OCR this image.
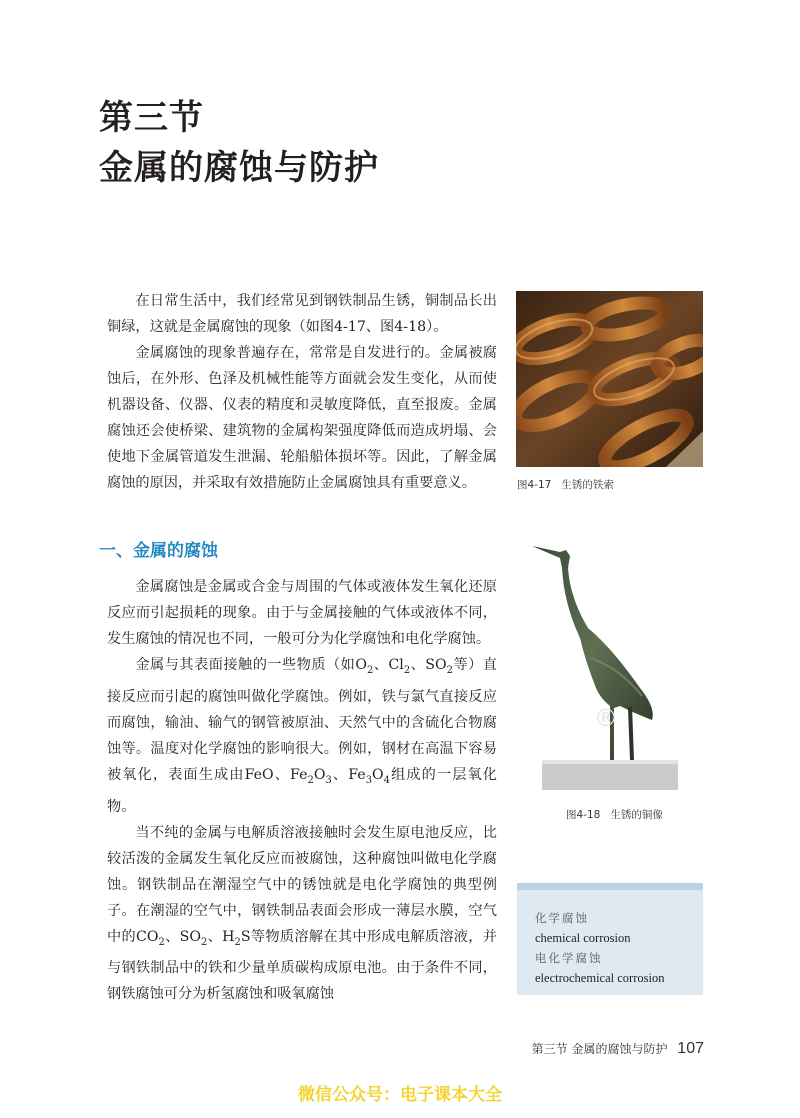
第三节
金属的腐蚀与防护

在日常生活中，我们经常见到钢铁制品生锈，铜制品长出铜绿，这就是金属腐蚀的现象（如图4-17、图4-18）。

金属腐蚀的现象普遍存在，常常是自发进行的。金属被腐蚀后，在外形、色泽及机械性能等方面就会发生变化，从而使机器设备、仪器、仪表的精度和灵敏度降低，直至报废。金属腐蚀还会使桥梁、建筑物的金属构架强度降低而造成坍塌、会使地下金属管道发生泄漏、轮船船体损坏等。因此，了解金属腐蚀的原因，并采取有效措施防止金属腐蚀具有重要意义。

一、金属的腐蚀

金属腐蚀是金属或合金与周围的气体或液体发生氧化还原反应而引起损耗的现象。由于与金属接触的气体或液体不同，发生腐蚀的情况也不同，一般可分为化学腐蚀和电化学腐蚀。

金属与其表面接触的一些物质（如$O_2$、$Cl_2$、$SO_2$等）直接反应而引起的腐蚀叫做化学腐蚀。例如，铁与氯气直接反应而腐蚀，输油、输气的钢管被原油、天然气中的含硫化合物腐蚀等。温度对化学腐蚀的影响很大。例如，钢材在高温下容易被氧化，表面生成由FeO、$Fe_2O_3$、$Fe_3O_4$组成的一层氧化物。

当不纯的金属与电解质溶液接触时会发生原电池反应，比较活泼的金属发生氧化反应而被腐蚀，这种腐蚀叫做电化学腐蚀。钢铁制品在潮湿空气中的锈蚀就是电化学腐蚀的典型例子。在潮湿的空气中，钢铁制品表面会形成一薄层水膜，空气中的$CO_2$、$SO_2$、$H_2S$等物质溶解在其中形成电解质溶液，并与钢铁制品中的铁和少量单质碳构成原电池。由于条件不同，钢铁腐蚀可分为析氢腐蚀和吸氧腐蚀

图4-17 生锈的铁索
图4-18 生锈的铜像
®
化学腐蚀
chemical corrosion
电化学腐蚀
electrochemical corrosion
第三节 金属的腐蚀与防护 107
微信公众号：电子课本大全
